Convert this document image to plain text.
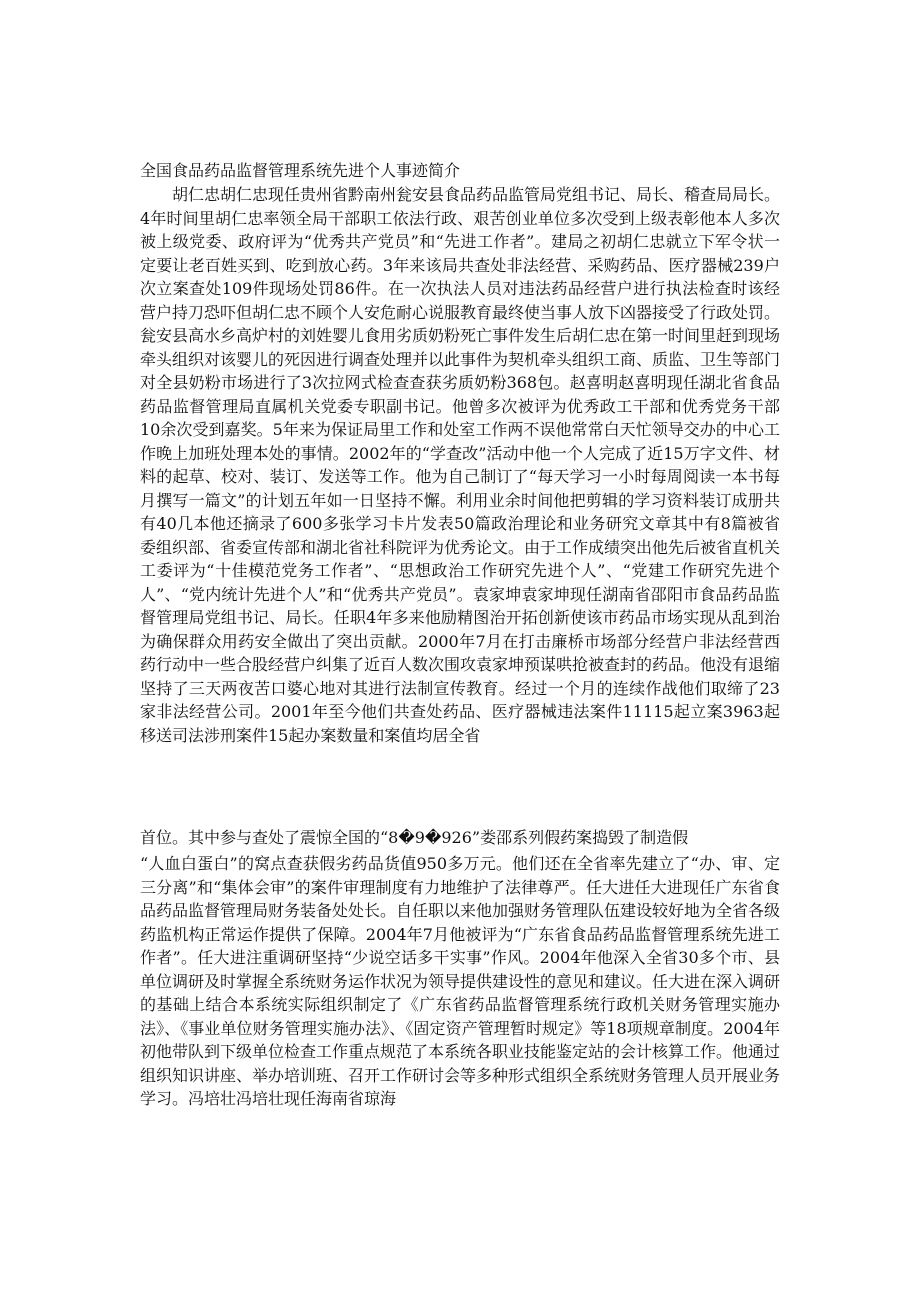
全国食品药品监督管理系统先进个人事迹简介

胡仁忠胡仁忠现任贵州省黔南州瓮安县食品药品监管局党组书记、局长、稽查局局长。4年时间里胡仁忠率领全局干部职工依法行政、艰苦创业单位多次受到上级表彰他本人多次被上级党委、政府评为“优秀共产党员”和“先进工作者”。建局之初胡仁忠就立下军令状一定要让老百姓买到、吃到放心药。3年来该局共查处非法经营、采购药品、医疗器械239户次立案查处109件现场处罚86件。在一次执法人员对违法药品经营户进行执法检查时该经营户持刀恐吓但胡仁忠不顾个人安危耐心说服教育最终使当事人放下凶器接受了行政处罚。瓮安县高水乡高炉村的刘姓婴儿食用劣质奶粉死亡事件发生后胡仁忠在第一时间里赶到现场牵头组织对该婴儿的死因进行调查处理并以此事件为契机牵头组织工商、质监、卫生等部门对全县奶粉市场进行了3次拉网式检查查获劣质奶粉368包。赵喜明赵喜明现任湖北省食品药品监督管理局直属机关党委专职副书记。他曾多次被评为优秀政工干部和优秀党务干部10余次受到嘉奖。5年来为保证局里工作和处室工作两不误他常常白天忙领导交办的中心工作晚上加班处理本处的事情。2002年的“学查改”活动中他一个人完成了近15万字文件、材料的起草、校对、装订、发送等工作。他为自己制订了“每天学习一小时每周阅读一本书每月撰写一篇文”的计划五年如一日坚持不懈。利用业余时间他把剪辑的学习资料装订成册共有40几本他还摘录了600多张学习卡片发表50篇政治理论和业务研究文章其中有8篇被省委组织部、省委宣传部和湖北省社科院评为优秀论文。由于工作成绩突出他先后被省直机关工委评为“十佳模范党务工作者”、“思想政治工作研究先进个人”、“党建工作研究先进个人”、“党内统计先进个人”和“优秀共产党员”。袁家坤袁家坤现任湖南省邵阳市食品药品监督管理局党组书记、局长。任职4年多来他励精图治开拓创新使该市药品市场实现从乱到治为确保群众用药安全做出了突出贡献。2000年7月在打击廉桥市场部分经营户非法经营西药行动中一些合股经营户纠集了近百人数次围攻袁家坤预谋哄抢被查封的药品。他没有退缩坚持了三天两夜苦口婆心地对其进行法制宣传教育。经过一个月的连续作战他们取缔了23家非法经营公司。2001年至今他们共查处药品、医疗器械违法案件11115起立案3963起移送司法涉刑案件15起办案数量和案值均居全省

首位。其中参与查处了震惊全国的“8�9�926”娄邵系列假药案捣毁了制造假

“人血白蛋白”的窝点查获假劣药品货值950多万元。他们还在全省率先建立了“办、审、定三分离”和“集体会审”的案件审理制度有力地维护了法律尊严。任大进任大进现任广东省食品药品监督管理局财务装备处处长。自任职以来他加强财务管理队伍建设较好地为全省各级药监机构正常运作提供了保障。2004年7月他被评为“广东省食品药品监督管理系统先进工作者”。任大进注重调研坚持“少说空话多干实事”作风。2004年他深入全省30多个市、县单位调研及时掌握全系统财务运作状况为领导提供建设性的意见和建议。任大进在深入调研的基础上结合本系统实际组织制定了《广东省药品监督管理系统行政机关财务管理实施办法》、《事业单位财务管理实施办法》、《固定资产管理暂时规定》等18项规章制度。2004年初他带队到下级单位检查工作重点规范了本系统各职业技能鉴定站的会计核算工作。他通过组织知识讲座、举办培训班、召开工作研讨会等多种形式组织全系统财务管理人员开展业务学习。冯培壮冯培壮现任海南省琼海
